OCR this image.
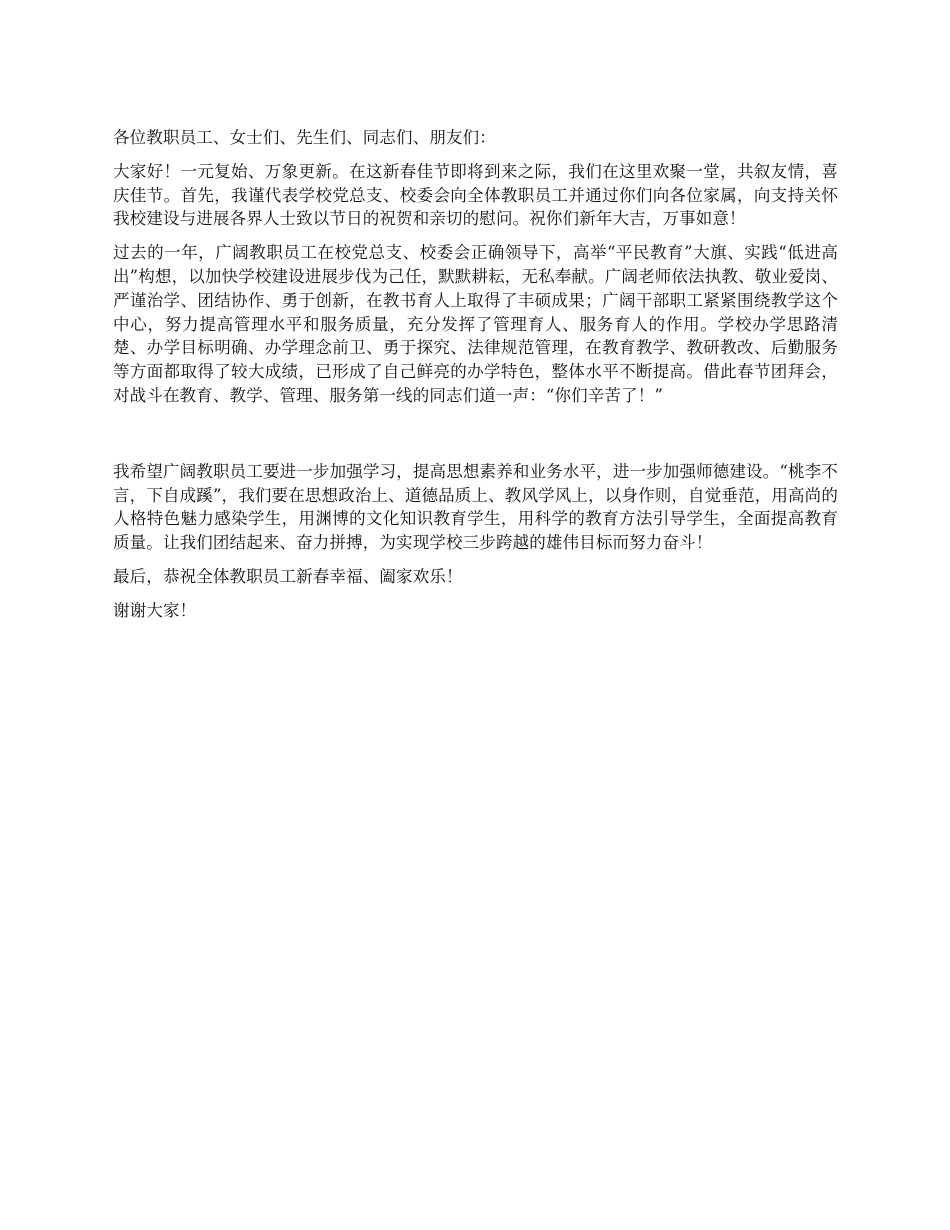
各位教职员工、女士们、先生们、同志们、朋友们：

大家好！一元复始、万象更新。在这新春佳节即将到来之际，我们在这里欢聚一堂，共叙友情，喜庆佳节。首先，我谨代表学校党总支、校委会向全体教职员工并通过你们向各位家属，向支持关怀我校建设与进展各界人士致以节日的祝贺和亲切的慰问。祝你们新年大吉，万事如意！

过去的一年，广阔教职员工在校党总支、校委会正确领导下，高举“平民教育”大旗、实践“低进高出”构想，以加快学校建设进展步伐为己任，默默耕耘，无私奉献。广阔老师依法执教、敬业爱岗、严谨治学、团结协作、勇于创新，在教书育人上取得了丰硕成果；广阔干部职工紧紧围绕教学这个中心，努力提高管理水平和服务质量，充分发挥了管理育人、服务育人的作用。学校办学思路清楚、办学目标明确、办学理念前卫、勇于探究、法律规范管理，在教育教学、教研教改、后勤服务等方面都取得了较大成绩，已形成了自己鲜亮的办学特色，整体水平不断提高。借此春节团拜会，对战斗在教育、教学、管理、服务第一线的同志们道一声：“你们辛苦了！”

我希望广阔教职员工要进一步加强学习，提高思想素养和业务水平，进一步加强师德建设。“桃李不言，下自成蹊”，我们要在思想政治上、道德品质上、教风学风上，以身作则，自觉垂范，用高尚的人格特色魅力感染学生，用渊博的文化知识教育学生，用科学的教育方法引导学生，全面提高教育质量。让我们团结起来、奋力拼搏，为实现学校三步跨越的雄伟目标而努力奋斗！

最后，恭祝全体教职员工新春幸福、阖家欢乐！

谢谢大家！
